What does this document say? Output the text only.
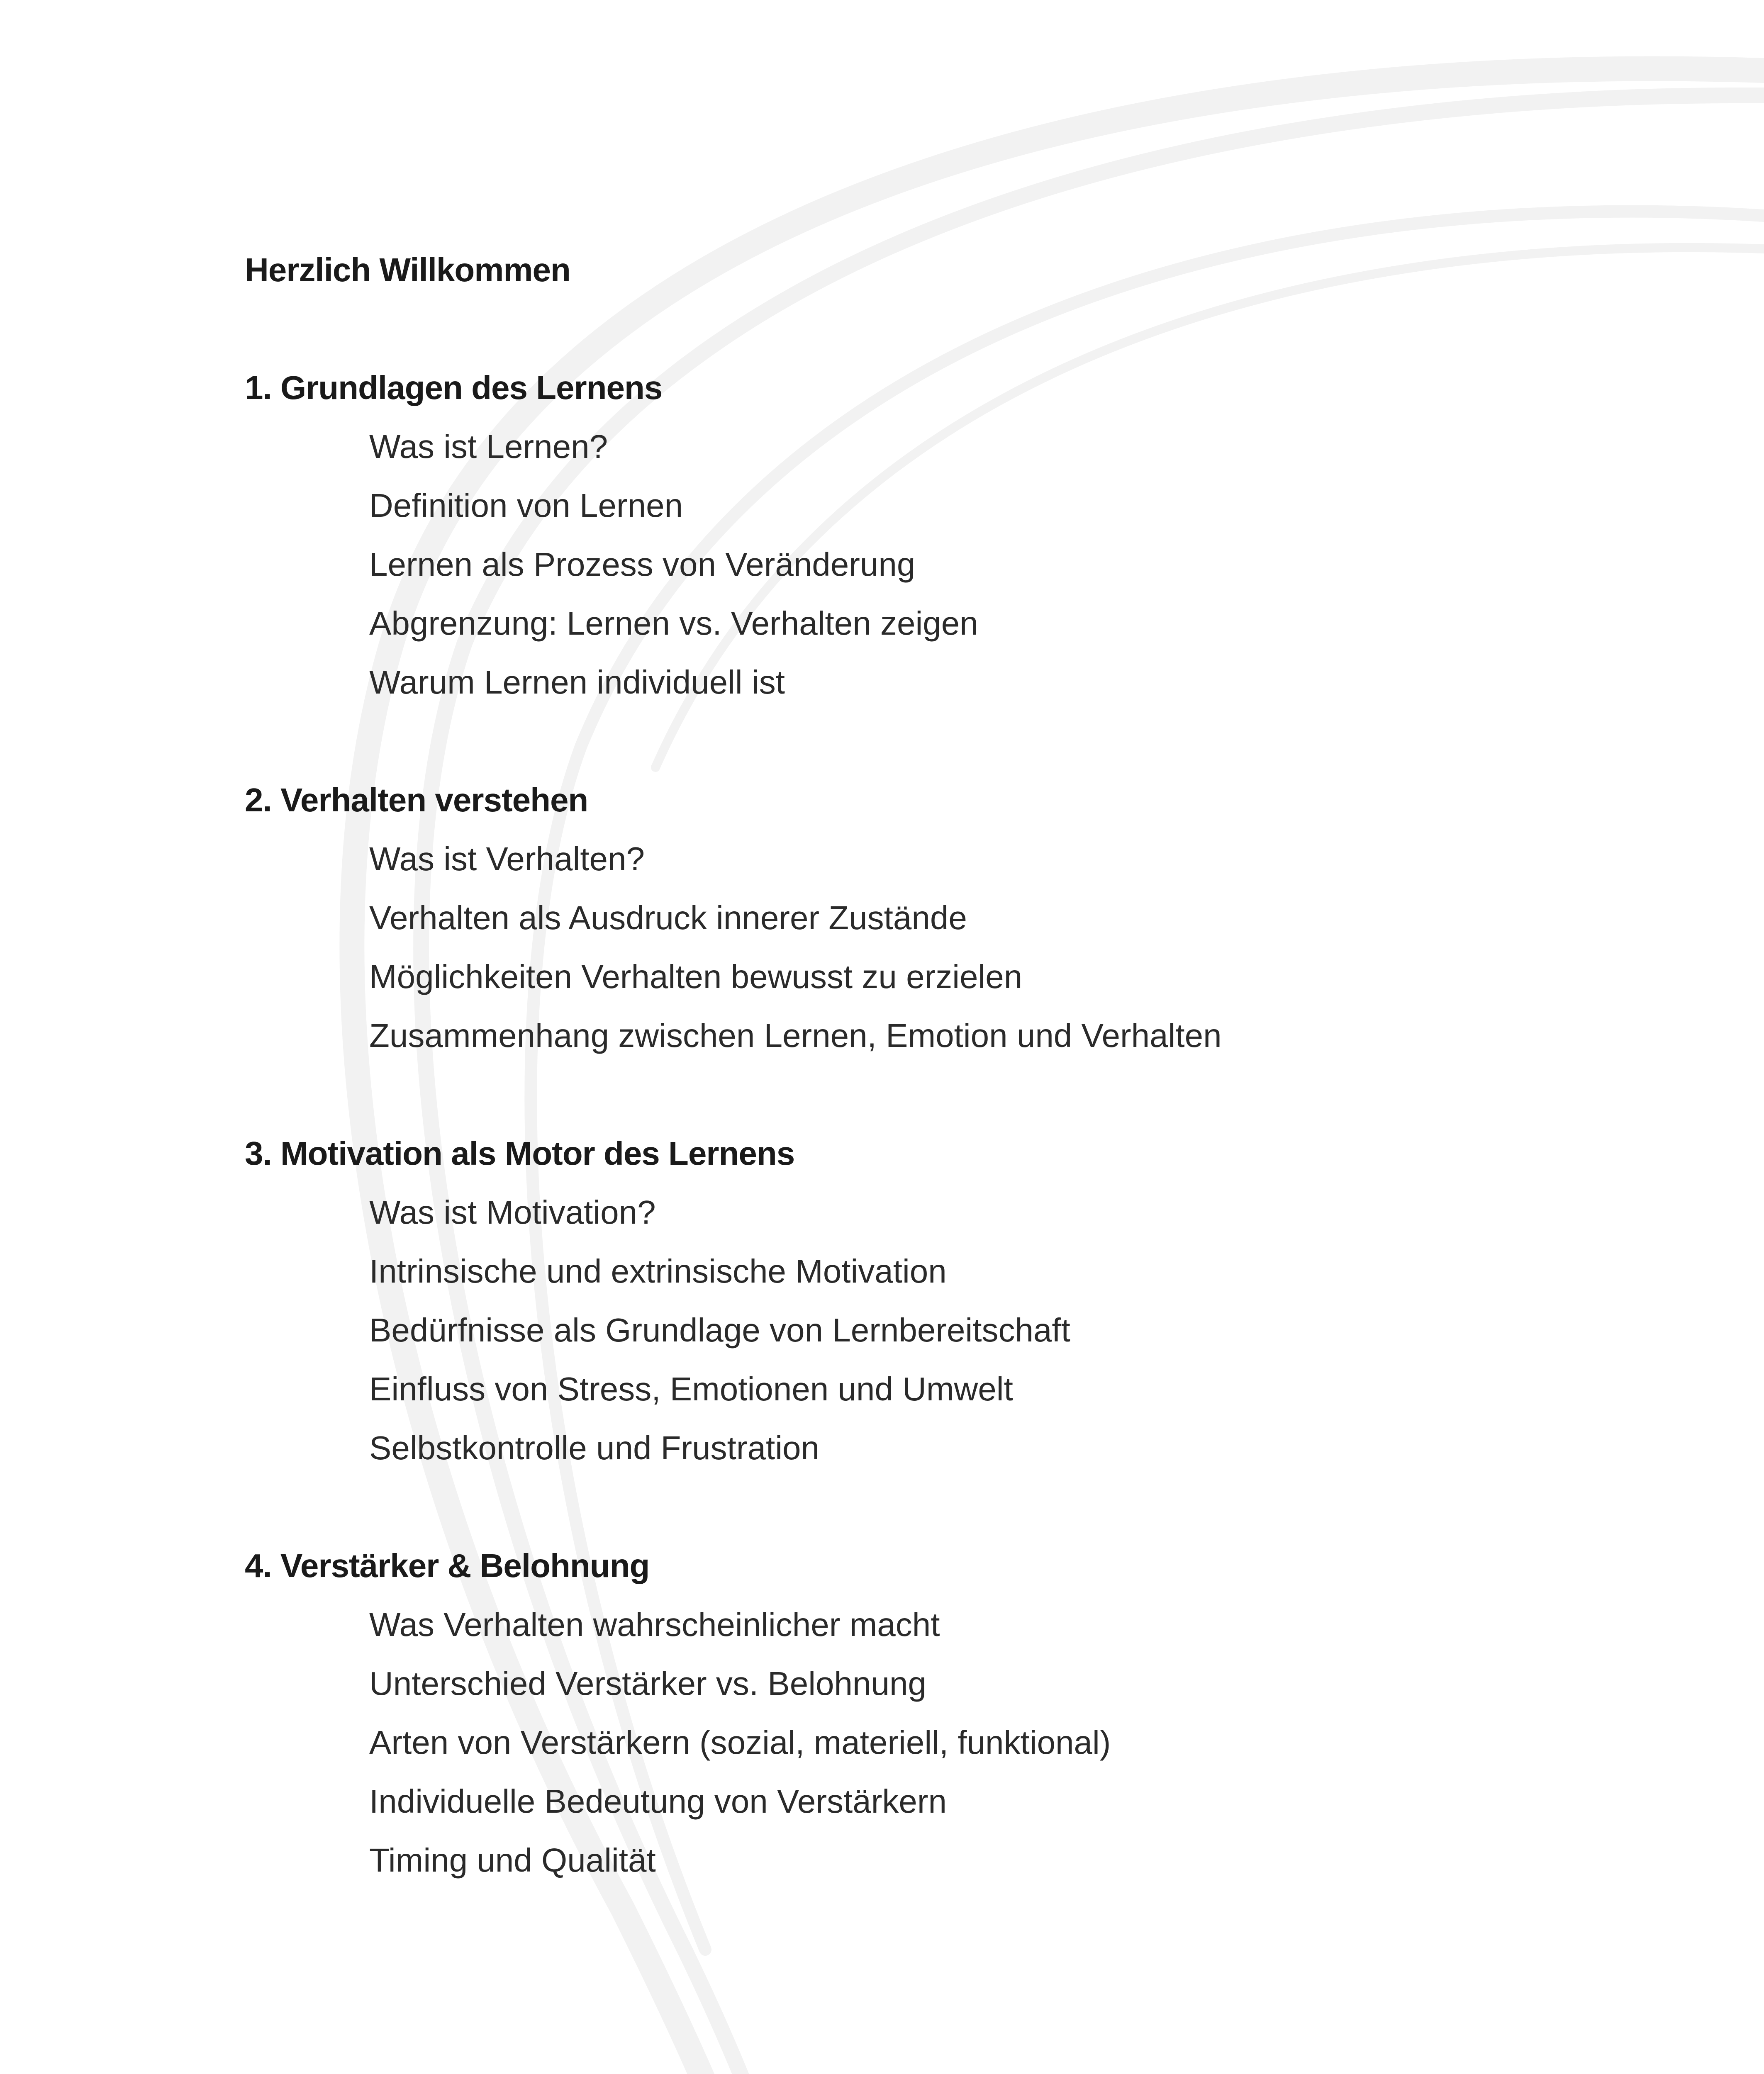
Herzlich Willkommen
1. Grundlagen des Lernens
Was ist Lernen?
Definition von Lernen
Lernen als Prozess von Veränderung
Abgrenzung: Lernen vs. Verhalten zeigen
Warum Lernen individuell ist
2. Verhalten verstehen
Was ist Verhalten?
Verhalten als Ausdruck innerer Zustände
Möglichkeiten Verhalten bewusst zu erzielen
Zusammenhang zwischen Lernen, Emotion und Verhalten
3. Motivation als Motor des Lernens
Was ist Motivation?
Intrinsische und extrinsische Motivation
Bedürfnisse als Grundlage von Lernbereitschaft
Einfluss von Stress, Emotionen und Umwelt
Selbstkontrolle und Frustration
4. Verstärker & Belohnung
Was Verhalten wahrscheinlicher macht
Unterschied Verstärker vs. Belohnung
Arten von Verstärkern (sozial, materiell, funktional)
Individuelle Bedeutung von Verstärkern
Timing und Qualität
